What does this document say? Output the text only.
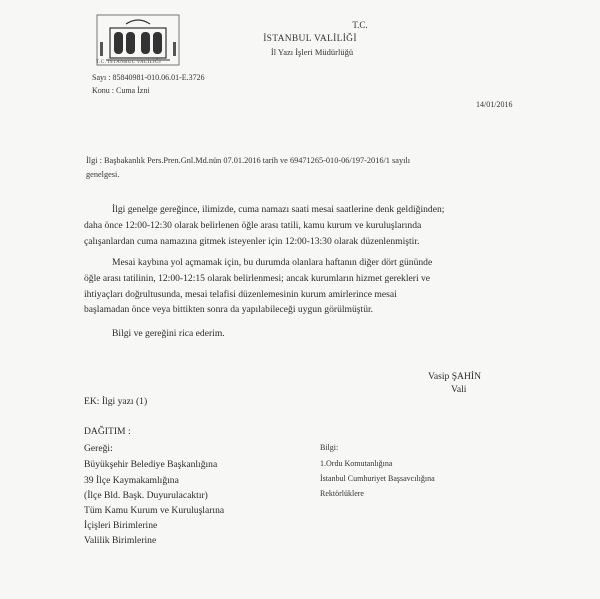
T.C. İSTANBUL VALİLİĞİ
T.C.
İSTANBUL VALİLİĞİ
İl Yazı İşleri Müdürlüğü
Sayı : 85840981-010.06.01-E.3726
Konu : Cuma İzni
14/01/2016
İlgi : Başbakanlık Pers.Pren.Gnl.Md.nün 07.01.2016 tarih ve 69471265-010-06/197-2016/1 sayılı
genelgesi.
İlgi genelge gereğince, ilimizde, cuma namazı saati mesai saatlerine denk geldiğinden;
daha önce 12:00-12:30 olarak belirlenen öğle arası tatili, kamu kurum ve kuruluşlarında
çalışanlardan cuma namazına gitmek isteyenler için 12:00-13:30 olarak düzenlenmiştir.
Mesai kaybına yol açmamak için, bu durumda olanlara haftanın diğer dört gününde
öğle arası tatilinin, 12:00-12:15 olarak belirlenmesi; ancak kurumların hizmet gerekleri ve
ihtiyaçları doğrultusunda, mesai telafisi düzenlemesinin kurum amirlerince mesai
başlamadan önce veya bittikten sonra da yapılabileceği uygun görülmüştür.
Bilgi ve gereğini rica ederim.
Vasip ŞAHİN
Vali
EK: İlgi yazı (1)
DAĞITIM :
Gereği:
Büyükşehir Belediye Başkanlığına
39 İlçe Kaymakamlığına
(İlçe Bld. Başk. Duyurulacaktır)
Tüm Kamu Kurum ve Kuruluşlarına
İçişleri Birimlerine
Valilik Birimlerine
Bilgi:
1.Ordu Komutanlığına
İstanbul Cumhuriyet Başsavcılığına
Rektörlüklere
